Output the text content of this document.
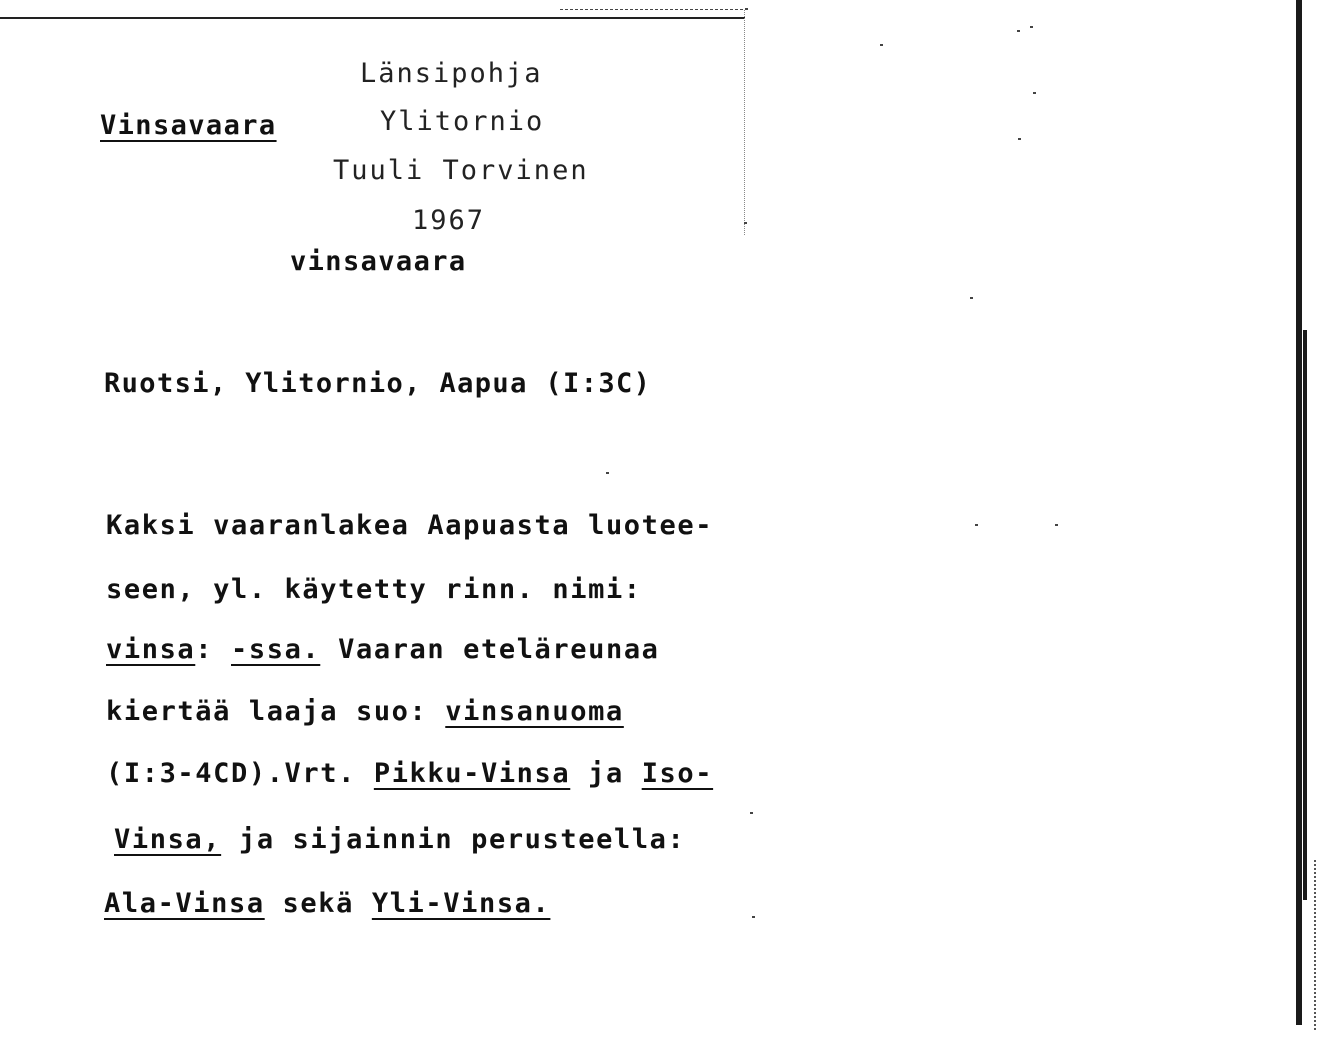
Länsipohja
Vinsavaara	Ylitornio
Tuuli Torvinen
1967
vinsavaara
Ruotsi, Ylitornio, Aapua (I:3C)
Kaksi vaaranlakea Aapuasta luotee-
seen, yl. käytetty rinn. nimi:
vinsa: -ssa. Vaaran eteläreunaa
kiertää laaja suo: vinsanuoma
(I:3-4CD).Vrt. Pikku-Vinsa ja Iso-
Vinsa, ja sijainnin perusteella:
Ala-Vinsa sekä Yli-Vinsa.
